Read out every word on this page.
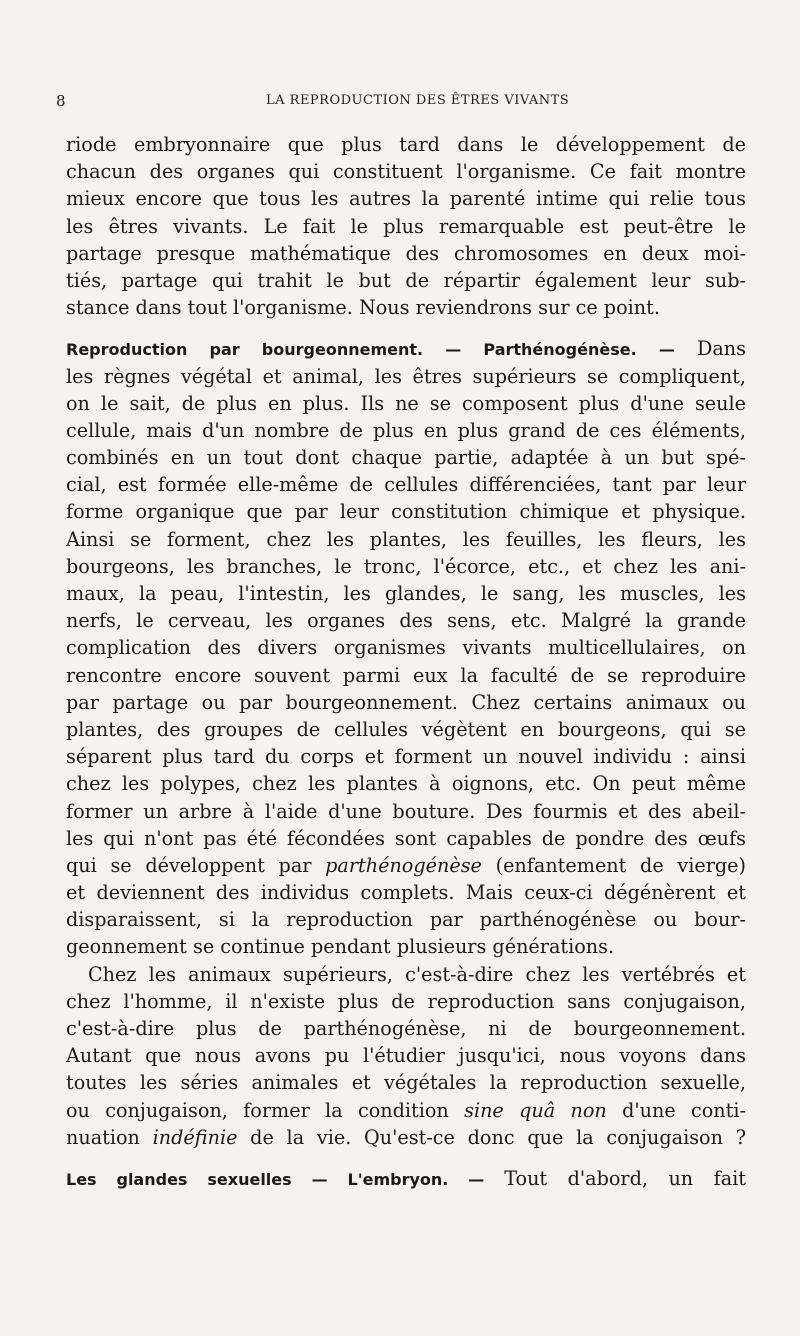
8	LA REPRODUCTION DES ÊTRES VIVANTS
riode embryonnaire que plus tard dans le développement de
chacun des organes qui constituent l'organisme. Ce fait montre
mieux encore que tous les autres la parenté intime qui relie tous
les êtres vivants. Le fait le plus remarquable est peut-être le
partage presque mathématique des chromosomes en deux moi-
tiés, partage qui trahit le but de répartir également leur sub-
stance dans tout l'organisme. Nous reviendrons sur ce point.
Reproduction par bourgeonnement. — Parthénogénèse. — Dans
les règnes végétal et animal, les êtres supérieurs se compliquent,
on le sait, de plus en plus. Ils ne se composent plus d'une seule
cellule, mais d'un nombre de plus en plus grand de ces éléments,
combinés en un tout dont chaque partie, adaptée à un but spé-
cial, est formée elle-même de cellules différenciées, tant par leur
forme organique que par leur constitution chimique et physique.
Ainsi se forment, chez les plantes, les feuilles, les fleurs, les
bourgeons, les branches, le tronc, l'écorce, etc., et chez les ani-
maux, la peau, l'intestin, les glandes, le sang, les muscles, les
nerfs, le cerveau, les organes des sens, etc. Malgré la grande
complication des divers organismes vivants multicellulaires, on
rencontre encore souvent parmi eux la faculté de se reproduire
par partage ou par bourgeonnement. Chez certains animaux ou
plantes, des groupes de cellules végètent en bourgeons, qui se
séparent plus tard du corps et forment un nouvel individu : ainsi
chez les polypes, chez les plantes à oignons, etc. On peut même
former un arbre à l'aide d'une bouture. Des fourmis et des abeil-
les qui n'ont pas été fécondées sont capables de pondre des œufs
qui se développent par parthénogénèse (enfantement de vierge)
et deviennent des individus complets. Mais ceux-ci dégénèrent et
disparaissent, si la reproduction par parthénogénèse ou bour-
geonnement se continue pendant plusieurs générations.
Chez les animaux supérieurs, c'est-à-dire chez les vertébrés et
chez l'homme, il n'existe plus de reproduction sans conjugaison,
c'est-à-dire plus de parthénogénèse, ni de bourgeonnement.
Autant que nous avons pu l'étudier jusqu'ici, nous voyons dans
toutes les séries animales et végétales la reproduction sexuelle,
ou conjugaison, former la condition sine quâ non d'une conti-
nuation indéfinie de la vie. Qu'est-ce donc que la conjugaison ?
Les glandes sexuelles — L'embryon. — Tout d'abord, un fait
